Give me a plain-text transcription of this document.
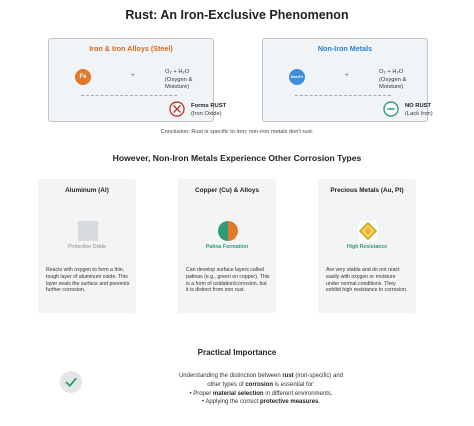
Rust: An Iron-Exclusive Phenomenon
Iron & Iron Alloys (Steel)
Fe	+	O₂ + H₂O
(Oxygen & Moisture)
Forms RUST
(Iron Oxide)
Non-Iron Metals
NonFe	+	O₂ + H₂O
(Oxygen & Moisture)
NO RUST
(Lack Iron)
Conclusion: Rust is specific to iron; non-iron metals don't rust.
However, Non-Iron Metals Experience Other Corrosion Types
Aluminum (Al)
Protective Oxide
Reacts with oxygen to form a thin, tough layer of aluminum oxide. This layer seals the surface and prevents further corrosion.
Copper (Cu) & Alloys
Patina Formation
Can develop surface layers called patinas (e.g., green on copper). This is a form of oxidation/corrosion, but it is distinct from iron rust.
Precious Metals (Au, Pt)
High Resistance
Are very stable and do not react easily with oxygen or moisture under normal conditions. They exhibit high resistance to corrosion.
Practical Importance
Understanding the distinction between rust (iron-specific) and
other types of corrosion is essential for:
• Proper material selection in different environments.
• Applying the correct protective measures.
